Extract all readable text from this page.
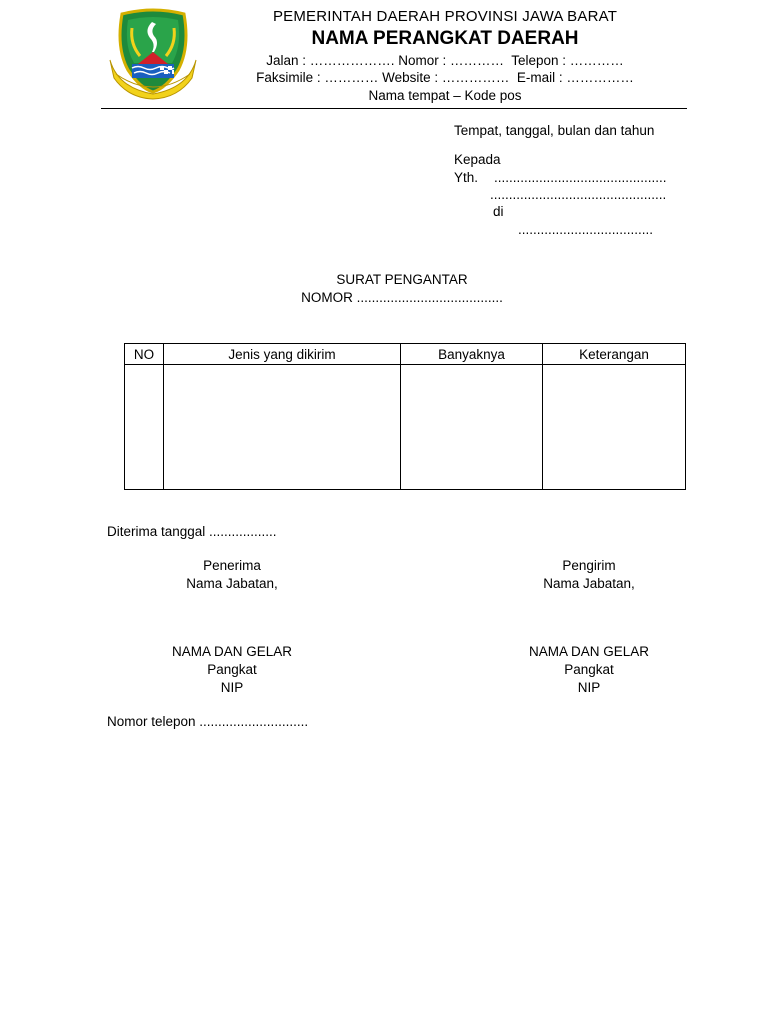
PEMERINTAH DAERAH PROVINSI JAWA BARAT
NAMA PERANGKAT DAERAH
Jalan : ………………. Nomor : …………  Telepon : …………
Faksimile : ………… Website : ……………  E-mail : ……………
Nama tempat – Kode pos
Tempat, tanggal, bulan dan tahun
Kepada
Yth. ..............................................
...............................................
di
....................................
SURAT PENGANTAR
NOMOR .......................................
NO	Jenis yang dikirim	Banyaknya	Keterangan

Diterima tanggal ..................
Penerima
Nama Jabatan,
NAMA DAN GELAR
Pangkat
NIP
Pengirim
Nama Jabatan,
NAMA DAN GELAR
Pangkat
NIP
Nomor telepon .............................
